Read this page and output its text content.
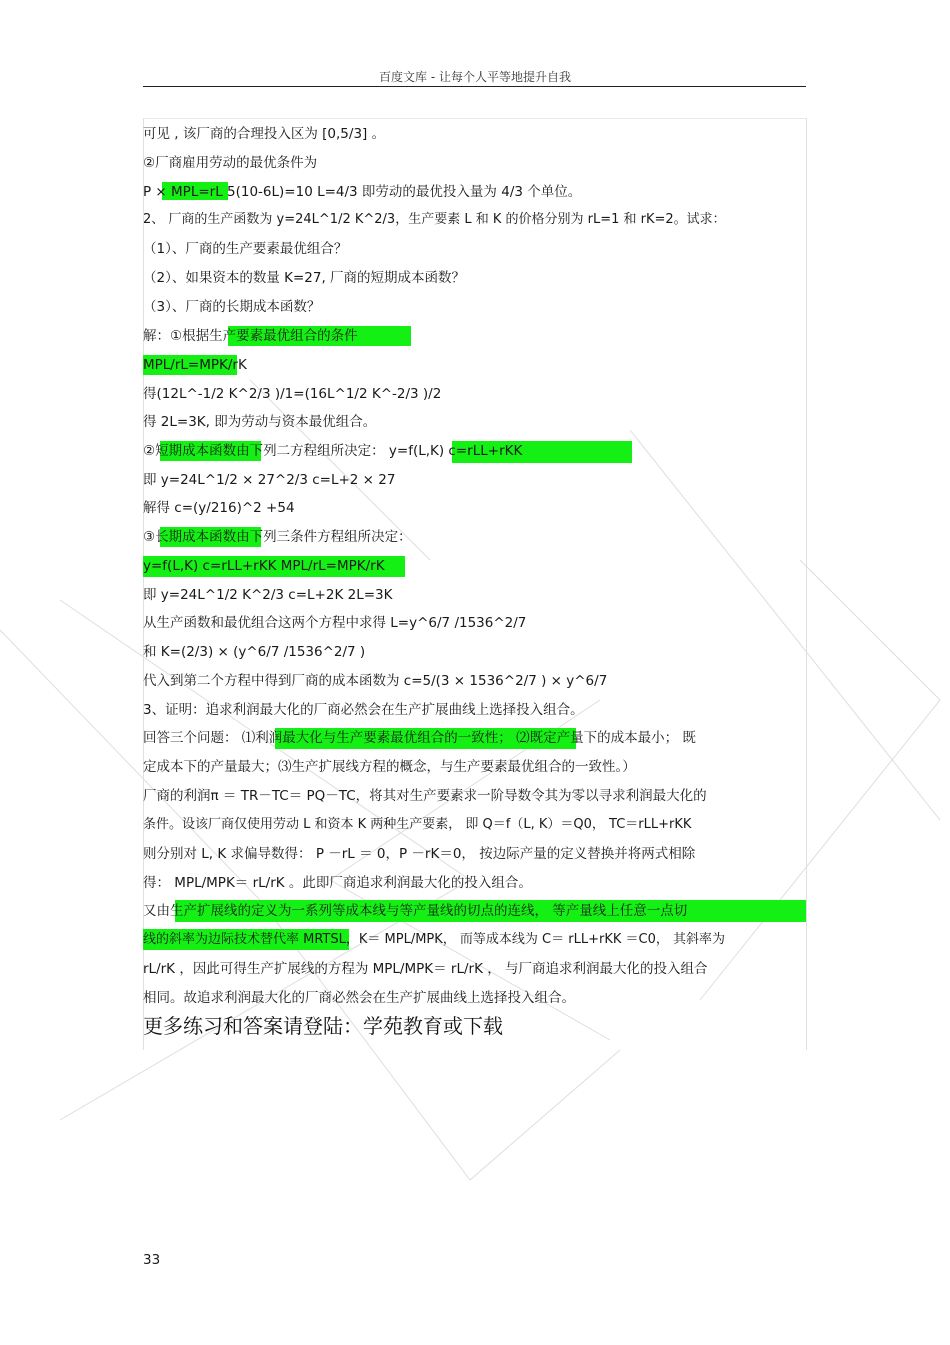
百度文库 - 让每个人平等地提升自我
可见 , 该厂商的合理投入区为 [0,5/3] 。
②厂商雇用劳动的最优条件为
P × MPL=rL 5(10-6L)=10 L=4/3 即劳动的最优投入量为 4/3 个单位。
2、 厂商的生产函数为 y=24L^1/2 K^2/3，生产要素 L 和 K 的价格分别为 rL=1 和 rK=2。试求：
（1）、厂商的生产要素最优组合？
（2）、如果资本的数量 K=27, 厂商的短期成本函数？
（3）、厂商的长期成本函数？
解：①根据生产要素最优组合的条件
MPL/rL=MPK/rK
得(12L^-1/2 K^2/3 )/1=(16L^1/2 K^-2/3 )/2
得 2L=3K, 即为劳动与资本最优组合。
②短期成本函数由下列二方程组所决定： y=f(L,K) c=rLL+rKK
即 y=24L^1/2 × 27^2/3 c=L+2 × 27
解得 c=(y/216)^2 +54
③长期成本函数由下列三条件方程组所决定：
y=f(L,K) c=rLL+rKK MPL/rL=MPK/rK
即 y=24L^1/2 K^2/3 c=L+2K 2L=3K
从生产函数和最优组合这两个方程中求得 L=y^6/7 /1536^2/7
和 K=(2/3) × (y^6/7 /1536^2/7 )
代入到第二个方程中得到厂商的成本函数为 c=5/(3 × 1536^2/7 ) × y^6/7
3、证明：追求利润最大化的厂商必然会在生产扩展曲线上选择投入组合。
回答三个问题： ⑴利润最大化与生产要素最优组合的一致性； ⑵既定产量下的成本最小； 既
定成本下的产量最大；⑶生产扩展线方程的概念，与生产要素最优组合的一致性。）
厂商的利润π ＝ TR－TC＝ PQ－TC，将其对生产要素求一阶导数令其为零以寻求利润最大化的
条件。设该厂商仅使用劳动 L 和资本 K 两种生产要素， 即 Q＝f（L, K）＝Q0， TC＝rLL+rKK
则分别对 L, K 求偏导数得： P －rL ＝ 0，P －rK＝0， 按边际产量的定义替换并将两式相除
得： MPL/MPK＝ rL/rK 。此即厂商追求利润最大化的投入组合。
又由生产扩展线的定义为一系列等成本线与等产量线的切点的连线， 等产量线上任意一点切
线的斜率为边际技术替代率 MRTSL，K＝ MPL/MPK， 而等成本线为 C＝ rLL+rKK ＝C0， 其斜率为
rL/rK ，因此可得生产扩展线的方程为 MPL/MPK＝ rL/rK ， 与厂商追求利润最大化的投入组合
相同。故追求利润最大化的厂商必然会在生产扩展曲线上选择投入组合。
更多练习和答案请登陆：学苑教育或下载
33
